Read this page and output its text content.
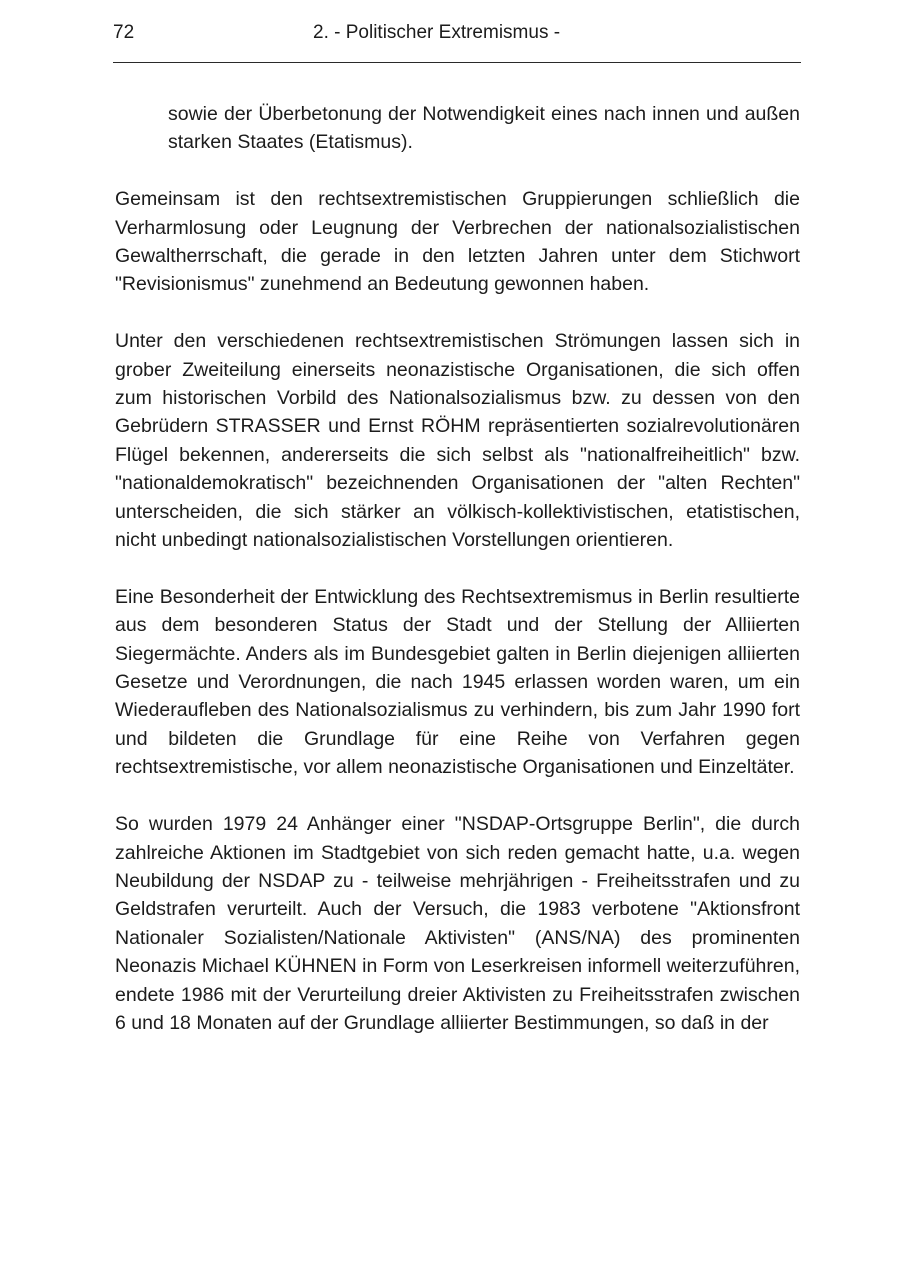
72	2. - Politischer Extremismus -

sowie der Überbetonung der Notwendigkeit eines nach innen und außen starken Staates (Etatismus).

Gemeinsam ist den rechtsextremistischen Gruppierungen schließlich die Verharmlosung oder Leugnung der Verbrechen der nationalsozialistischen Gewaltherrschaft, die gerade in den letzten Jahren unter dem Stichwort "Revisionismus" zunehmend an Bedeutung gewonnen haben.

Unter den verschiedenen rechtsextremistischen Strömungen lassen sich in grober Zweiteilung einerseits neonazistische Organisationen, die sich offen zum historischen Vorbild des Nationalsozialismus bzw. zu dessen von den Gebrüdern STRASSER und Ernst RÖHM repräsentierten sozialrevolutionären Flügel bekennen, andererseits die sich selbst als "nationalfreiheitlich" bzw. "nationaldemokratisch" bezeichnenden Organisationen der "alten Rechten" unterscheiden, die sich stärker an völkisch-kollektivistischen, etatistischen, nicht unbedingt nationalsozialistischen Vorstellungen orientieren.

Eine Besonderheit der Entwicklung des Rechtsextremismus in Berlin resultierte aus dem besonderen Status der Stadt und der Stellung der Alliierten Siegermächte. Anders als im Bundesgebiet galten in Berlin diejenigen alliierten Gesetze und Verordnungen, die nach 1945 erlassen worden waren, um ein Wiederaufleben des Nationalsozialismus zu verhindern, bis zum Jahr 1990 fort und bildeten die Grundlage für eine Reihe von Verfahren gegen rechtsextremistische, vor allem neonazistische Organisationen und Einzeltäter.

So wurden 1979 24 Anhänger einer "NSDAP-Ortsgruppe Berlin", die durch zahlreiche Aktionen im Stadtgebiet von sich reden gemacht hatte, u.a. wegen Neubildung der NSDAP zu - teilweise mehrjährigen - Freiheitsstrafen und zu Geldstrafen verurteilt. Auch der Versuch, die 1983 verbotene "Aktionsfront Nationaler Sozialisten/Nationale Aktivisten" (ANS/NA) des prominenten Neonazis Michael KÜHNEN in Form von Leserkreisen informell weiterzuführen, endete 1986 mit der Verurteilung dreier Aktivisten zu Freiheitsstrafen zwischen 6 und 18 Monaten auf der Grundlage alliierter Bestimmungen, so daß in der
